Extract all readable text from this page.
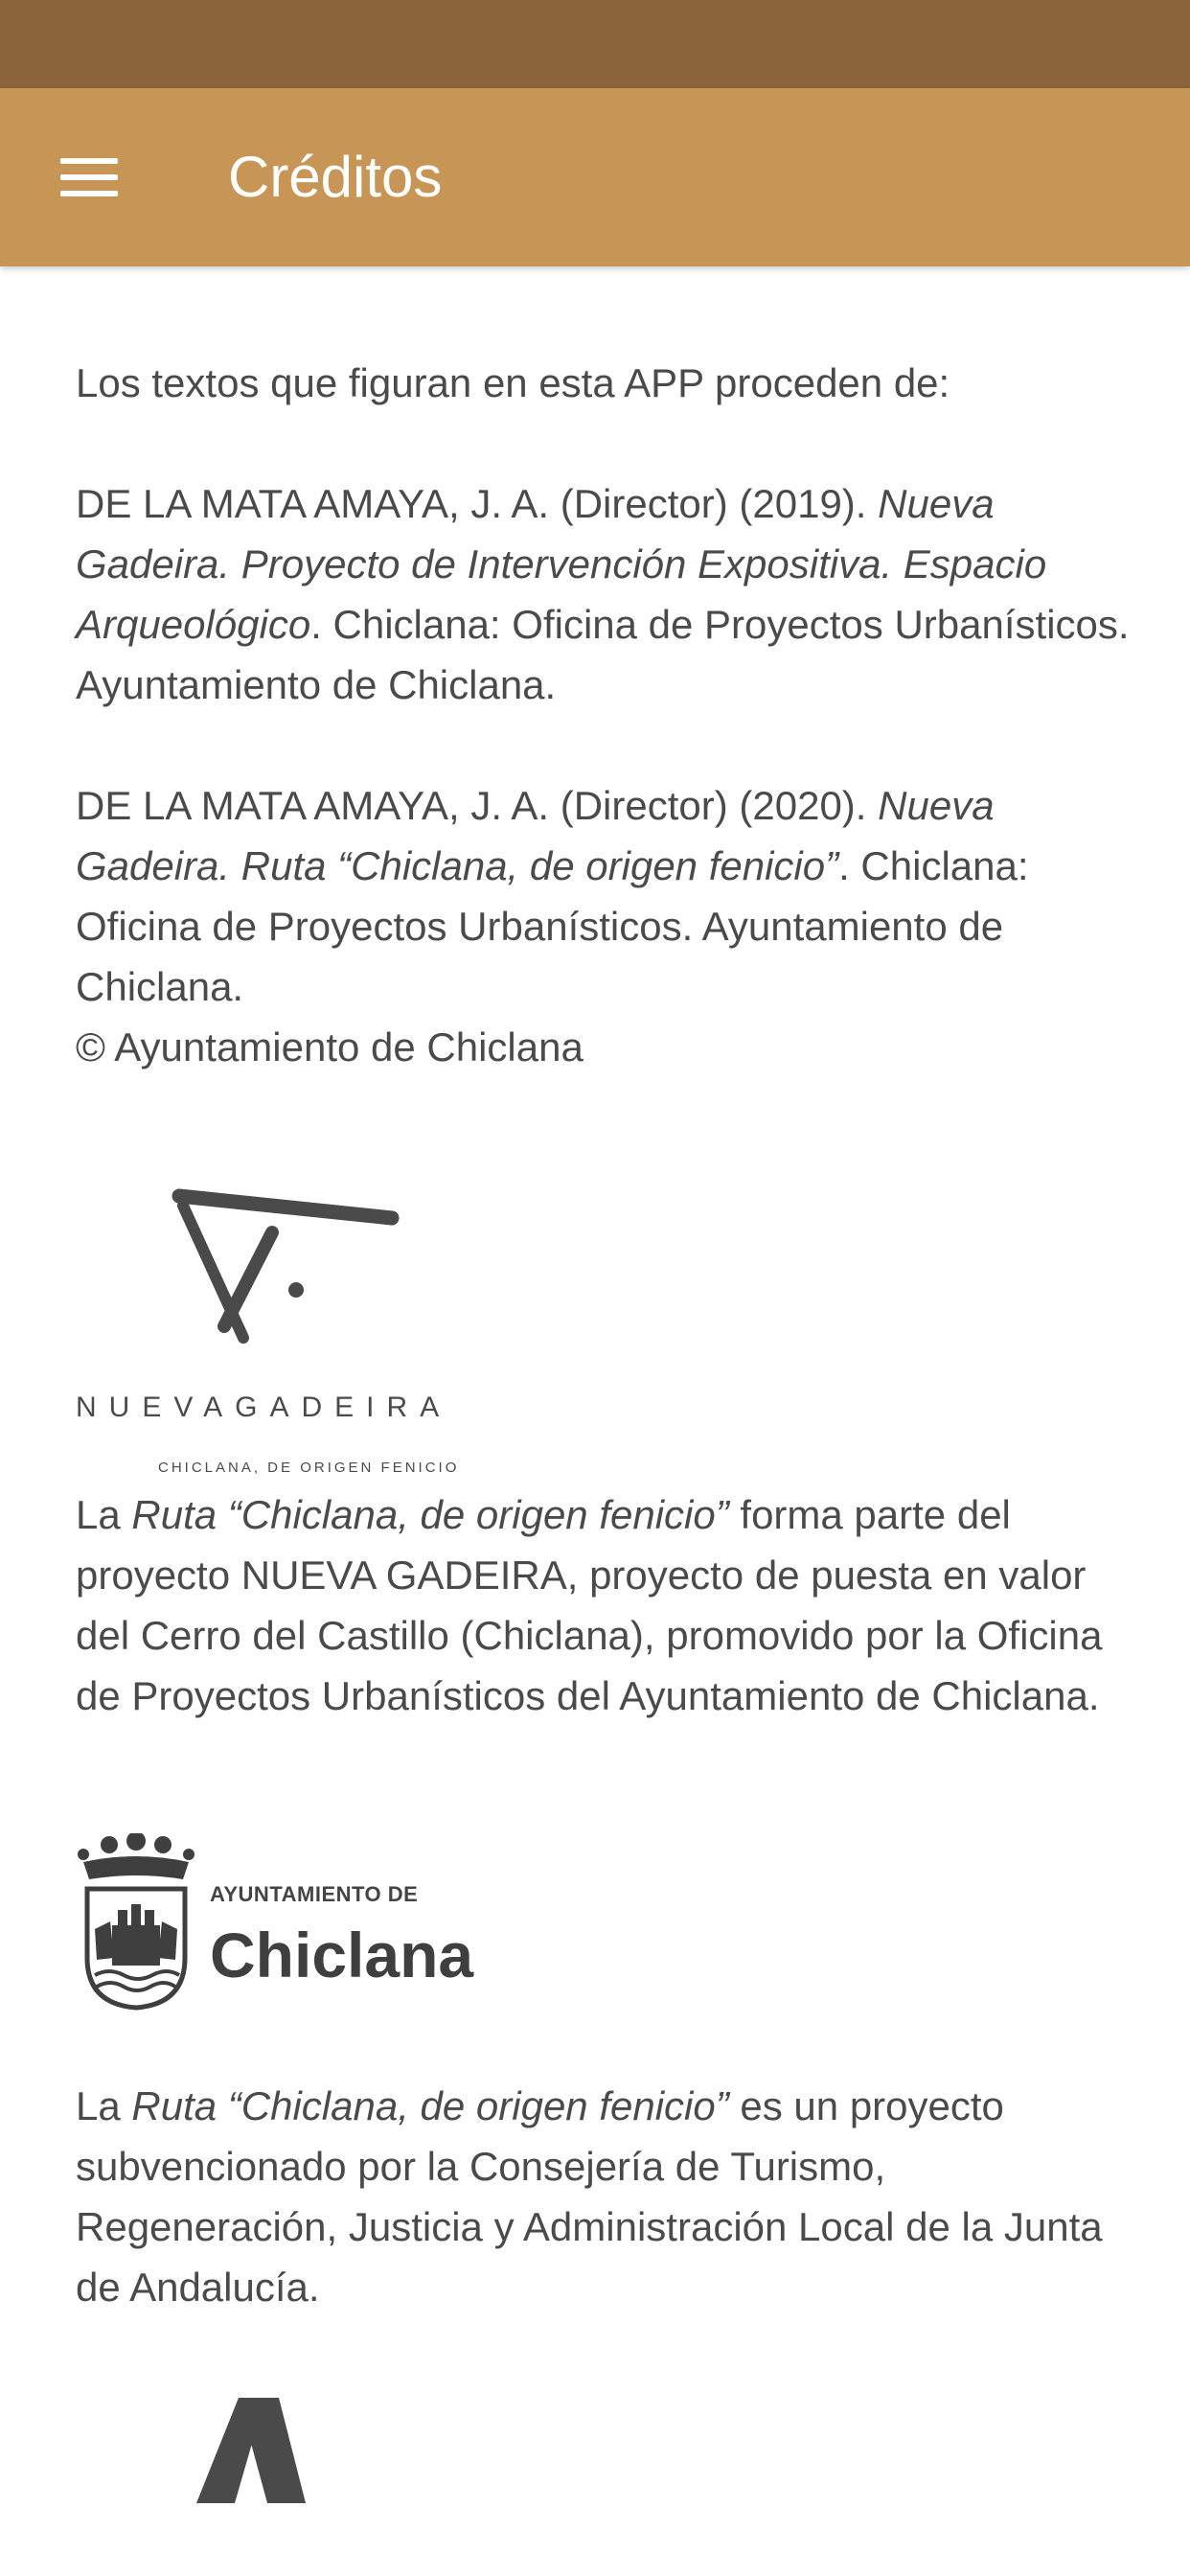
Créditos

Los textos que figuran en esta APP proceden de:

DE LA MATA AMAYA, J. A. (Director) (2019). Nueva Gadeira. Proyecto de Intervención Expositiva. Espacio Arqueológico. Chiclana: Oficina de Proyectos Urbanísticos. Ayuntamiento de Chiclana.

DE LA MATA AMAYA, J. A. (Director) (2020). Nueva Gadeira. Ruta “Chiclana, de origen fenicio”. Chiclana: Oficina de Proyectos Urbanísticos. Ayuntamiento de Chiclana.

© Ayuntamiento de Chiclana

NUEVAGADEIRA
CHICLANA, DE ORIGEN FENICIO

La Ruta “Chiclana, de origen fenicio” forma parte del proyecto NUEVA GADEIRA, proyecto de puesta en valor del Cerro del Castillo (Chiclana), promovido por la Oficina de Proyectos Urbanísticos del Ayuntamiento de Chiclana.

AYUNTAMIENTO DE
Chiclana

La Ruta “Chiclana, de origen fenicio” es un proyecto subvencionado por la Consejería de Turismo, Regeneración, Justicia y Administración Local de la Junta de Andalucía.
